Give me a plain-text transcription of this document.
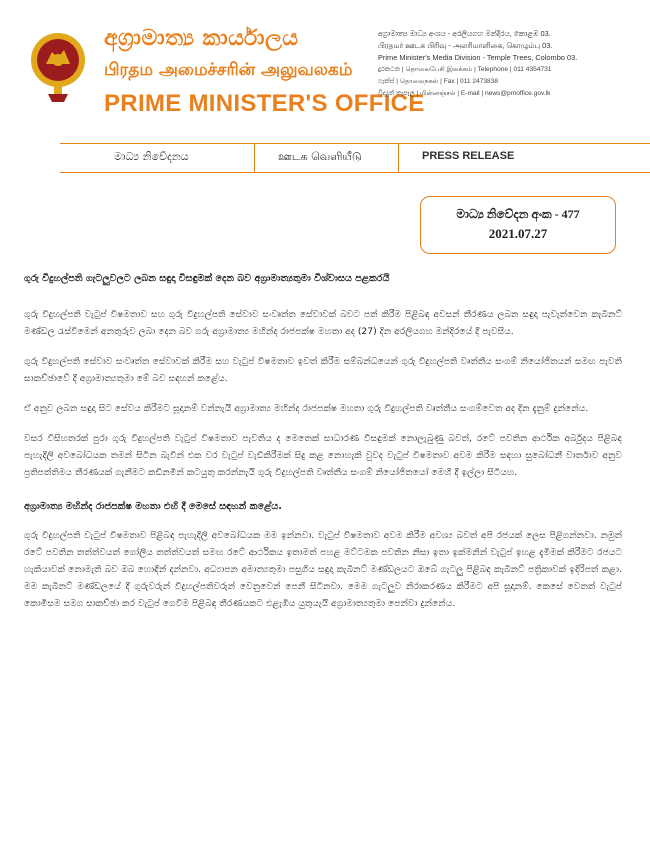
අග්‍රාමාත්‍ය කාර්යාලය
பிரதம அமைச்சரின் அலுவலகம்
PRIME MINISTER'S OFFICE
අග්‍රාමාත්‍ය මාධ්‍ය අංශය - අරලියගහ මන්දිරය, කොළඹ 03.
பிரதமர் ஊடக பிரிவு - அலரிமாளிகை, கொழும்பு 03.
Prime Minister's Media Division - Temple Trees, Colombo 03.
දුරකථන | தொலைபேசி இலக்கம் | Telephone | 011 4354731
ෆැක්ස් | தொலைநகல் | Fax | 011 2473838
විද්‍යුත් තැපෑල | மின்னஞ்சல் | E-mail | news@pmoffice.gov.lk
මාධ්‍ය නිවේදනය	ஊடக வெளியீடு	PRESS RELEASE
මාධ්‍ය නිවේදන අංක - 477
2021.07.27

ගුරු විදුහල්පති ගැටලුවලට ලබන සඳුදා විසඳුමක් දෙන බව අග්‍රාමාත්‍යතුමා විශ්වාසය පළකරයි

ගුරු විදුහල්පති වැටුප් විෂමතාව සහ ගුරු විදුහල්පති සේවාව සංවෘත්ත සේවාවක් බවට පත් කිරීම පිළිබඳ අවසන් තීරණය ලබන සඳුදා පැවැත්වෙන කැබිනට් මණ්ඩල රැස්වීමෙන් අනතුරුව ලබා දෙන බව ගරු අග්‍රාමාත්‍ය මහින්ද රාජපක්ෂ මහතා අද (27) දින අරලියගහ මන්දිරයේ දී පැවසීය.

ගුරු විදුහල්පති සේවාව සංවෘත්ත සේවාවක් කිරීම සහ වැටුප් විෂමතාව ඉවත් කිරීම සම්බන්ධයෙන් ගුරු විදුහල්පති වෘත්තීය සංගම් නියෝජිතයන් සමඟ පැවති සාකච්ඡාවේ දී අග්‍රාමාත්‍යතුමා මේ බව සඳහන් කළේය.

ඒ අනුව ලබන සඳුදා සිට සේවය කිරීමට සූදානම් වන්නැයි අග්‍රාමාත්‍ය මහින්ද රාජපක්ෂ මහතා ගුරු විදුහල්පති වෘත්තීය සංගම්වෙත අද දින දැනුම් දුන්නේය.

වසර විසිහතරක් පුරා ගුරු විදුහල්පති වැටුප් විෂමතාව පැවතිය ද මෙතෙක් සාධාරණ විසඳුමක් නොලැබුණු බවත්, රටේ පවතින ආර්ථික අර්බුදය පිළිබඳ පැහැදිලි අවබෝධයක තමන් සිටින බැවින් එක වර වැටුප් වැඩිකිරීමක් සිදු කළ නොහැකි වුවද වැටුප් විෂමතාව අවම කිරීම සඳහා සුබෝධනී වාර්තාව අනුව ප්‍රතිපත්තිමය තීරණයක් ගැනීමට කඩිනමින් කටයුතු කරන්නැයි ගුරු විදුහල්පති වෘත්තීය සංගම් නියෝජිතයෝ මෙහි දී ඉල්ලා සිටියහ.

අග්‍රාමාත්‍ය මහින්ද රාජපක්ෂ මහතා එහි දී මෙසේ සඳහන් කළේය.

ගුරු විදුහල්පති වැටුප් විෂමතාව පිළිබඳ පැහැදිලි අවබෝධයක මම ඉන්නවා. වැටුප් විෂමතාව අවම කිරීම අවශ්‍ය බවත් අපි රජයක් ලෙස පිළිගන්නවා. නමුත් රටේ පවතින තත්ත්වයත් ගෝලීය තත්ත්වයත් සමඟ රටේ ආර්ථිකය ඉතාමත් පහළ මට්ටමක පවතින නිසා ඉතා ඉක්මනින් වැටුප් ඉහළ දැමීමක් කිරීමට රජයට හැකියාවක් නොමැති බව ඔබ හොඳින් දන්නවා. අධ්‍යාපන අමාත්‍යතුමා පසුගිය සඳුදා කැබිනට් මණ්ඩලයට ඔබේ ගැටලු පිළිබඳ කැබිනට් පත්‍රිකාවක් ඉදිරිපත් කළා. මම කැබිනට් මණ්ඩලයේ දී ගුරුවරුන් විදුහල්පතිවරුන් වෙනුවෙන් පෙනී සිටිනවා. මෙම ගැටලුව නිරාකරණය කිරීමට අපි සූදානම්. කෙසේ වෙතත් වැටුප් කොමිසම සමග සාකච්ඡා කර වැටුප් ගෙවීම පිළිබඳ තීරණයකට එළැඹිය යුතුයැයි අග්‍රාමාත්‍යතුමා පෙන්වා දුන්නේය.
